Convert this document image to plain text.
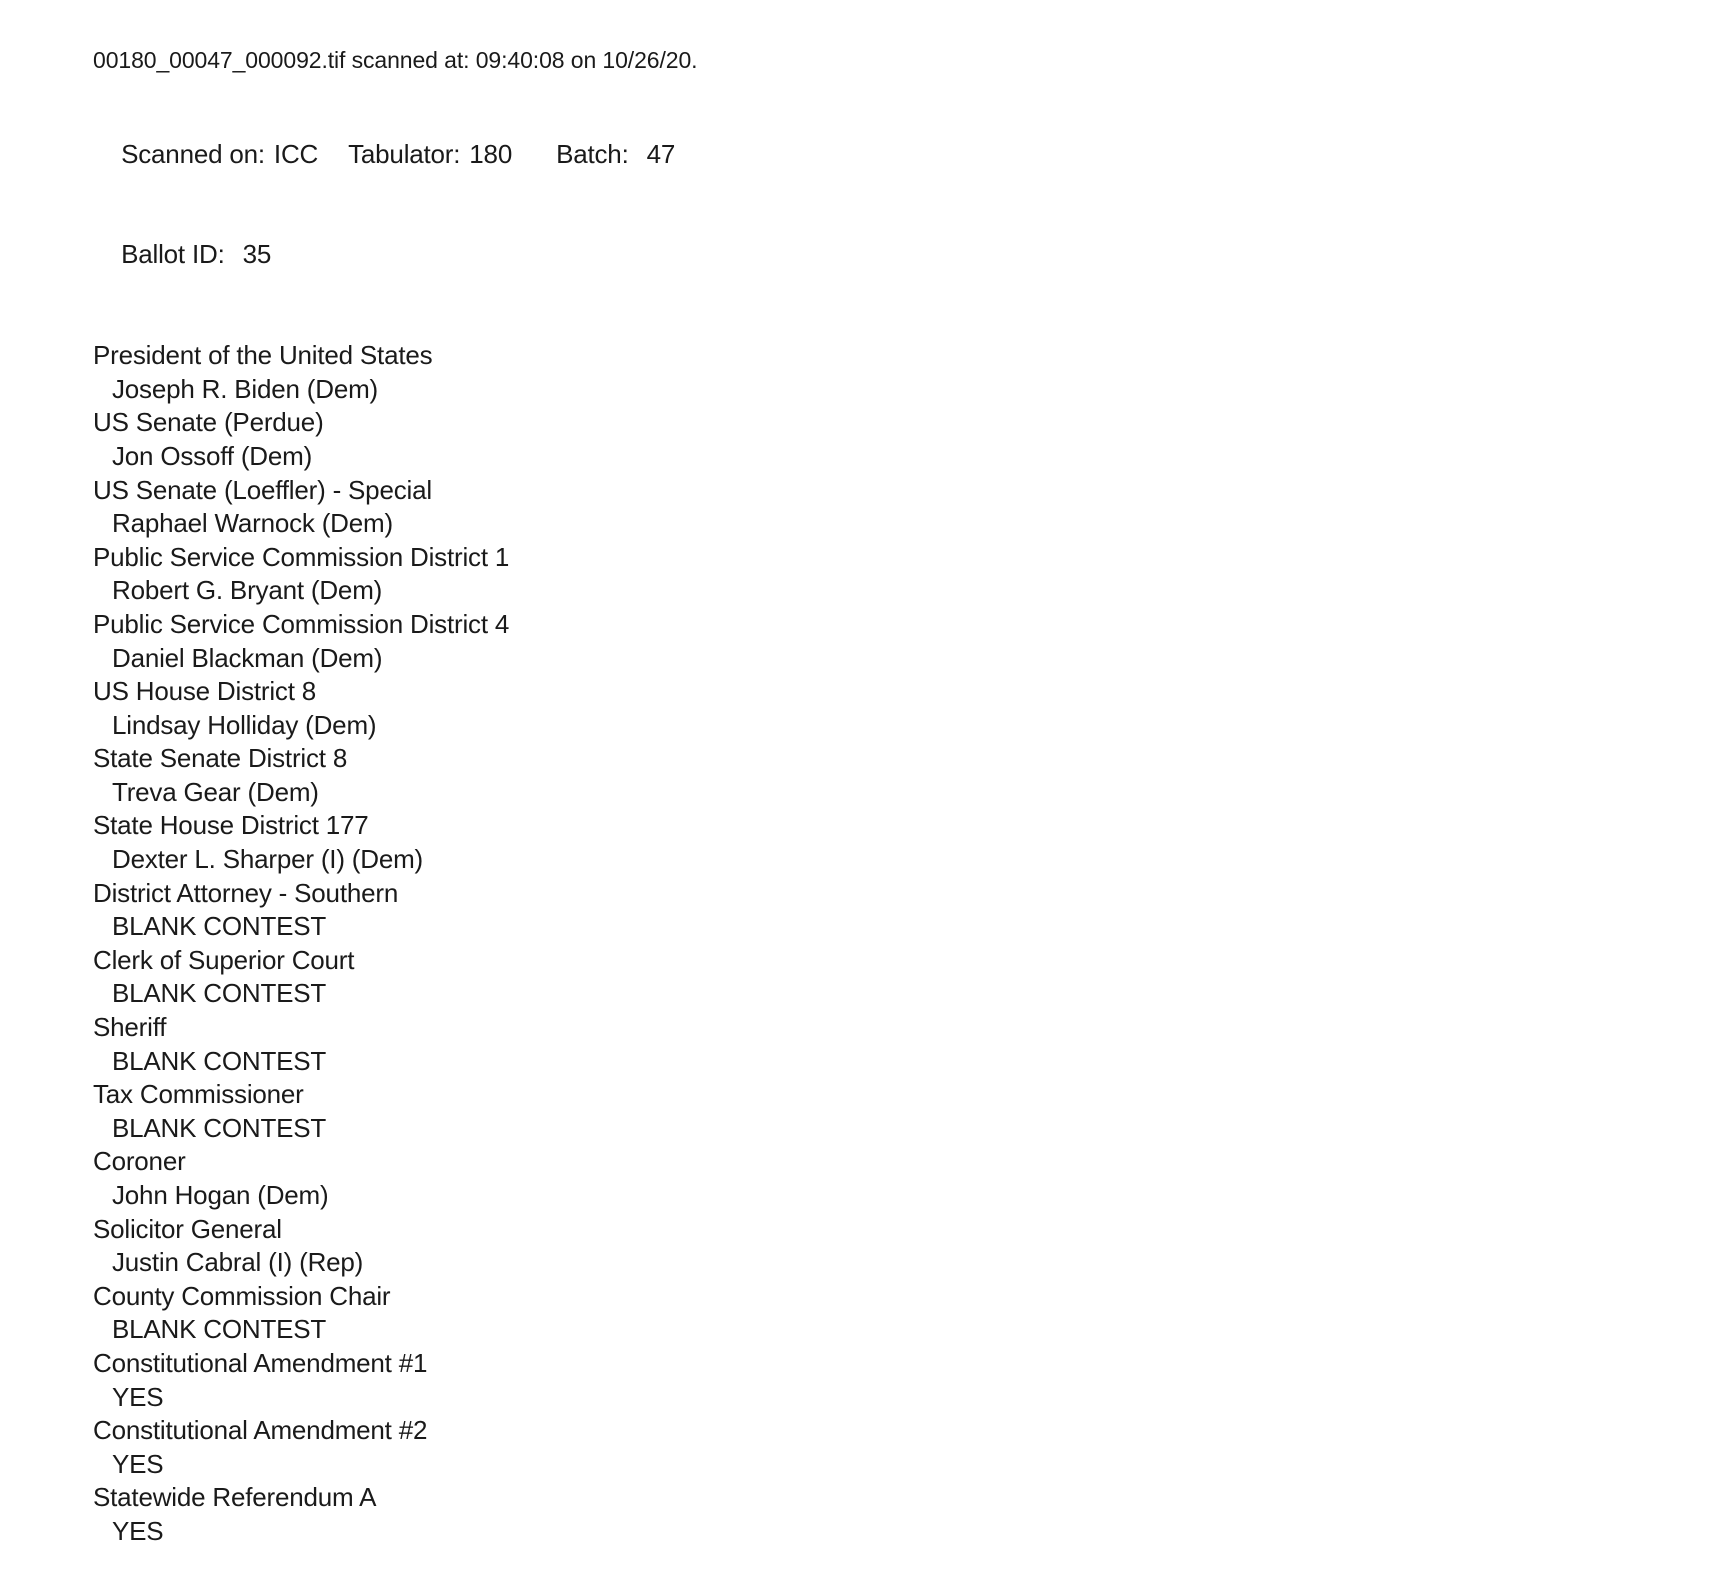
00180_00047_000092.tif scanned at: 09:40:08 on 10/26/20.

Scanned on: ICC Tabulator: 180 Batch: 47

Ballot ID: 35

President of the United States
Joseph R. Biden (Dem)
US Senate (Perdue)
Jon Ossoff (Dem)
US Senate (Loeffler) - Special
Raphael Warnock (Dem)
Public Service Commission District 1
Robert G. Bryant (Dem)
Public Service Commission District 4
Daniel Blackman (Dem)
US House District 8
Lindsay Holliday (Dem)
State Senate District 8
Treva Gear (Dem)
State House District 177
Dexter L. Sharper (I) (Dem)
District Attorney - Southern
BLANK CONTEST
Clerk of Superior Court
BLANK CONTEST
Sheriff
BLANK CONTEST
Tax Commissioner
BLANK CONTEST
Coroner
John Hogan (Dem)
Solicitor General
Justin Cabral (I) (Rep)
County Commission Chair
BLANK CONTEST
Constitutional Amendment #1
YES
Constitutional Amendment #2
YES
Statewide Referendum A
YES
